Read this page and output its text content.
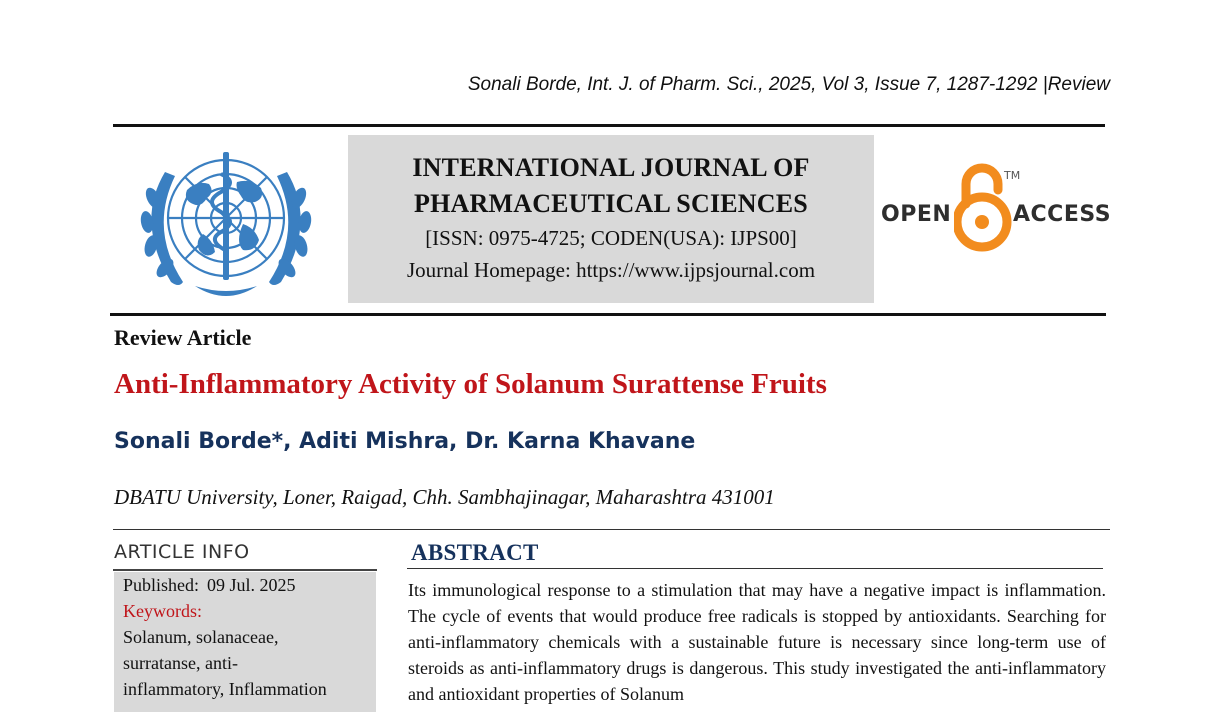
Sonali Borde, Int. J. of Pharm. Sci., 2025, Vol 3, Issue 7, 1287-1292 |Review
INTERNATIONAL JOURNAL OF
PHARMACEUTICAL SCIENCES
[ISSN: 0975-4725; CODEN(USA): IJPS00]
Journal Homepage: https://www.ijpsjournal.com
OPEN
TM
ACCESS
Review Article
Anti-Inflammatory Activity of Solanum Surattense Fruits
Sonali Borde*, Aditi Mishra, Dr. Karna Khavane
DBATU University, Loner, Raigad, Chh. Sambhajinagar, Maharashtra 431001
ARTICLE INFO
Published: 09 Jul. 2025
Keywords:
Solanum, solanaceae,
surratanse, anti-
inflammatory, Inflammation
ABSTRACT
Its immunological response to a stimulation that may have a negative impact is inflammation. The cycle of events that would produce free radicals is stopped by antioxidants. Searching for anti-inflammatory chemicals with a sustainable future is necessary since long-term use of steroids as anti-inflammatory drugs is dangerous. This study investigated the anti-inflammatory and antioxidant properties of Solanum
